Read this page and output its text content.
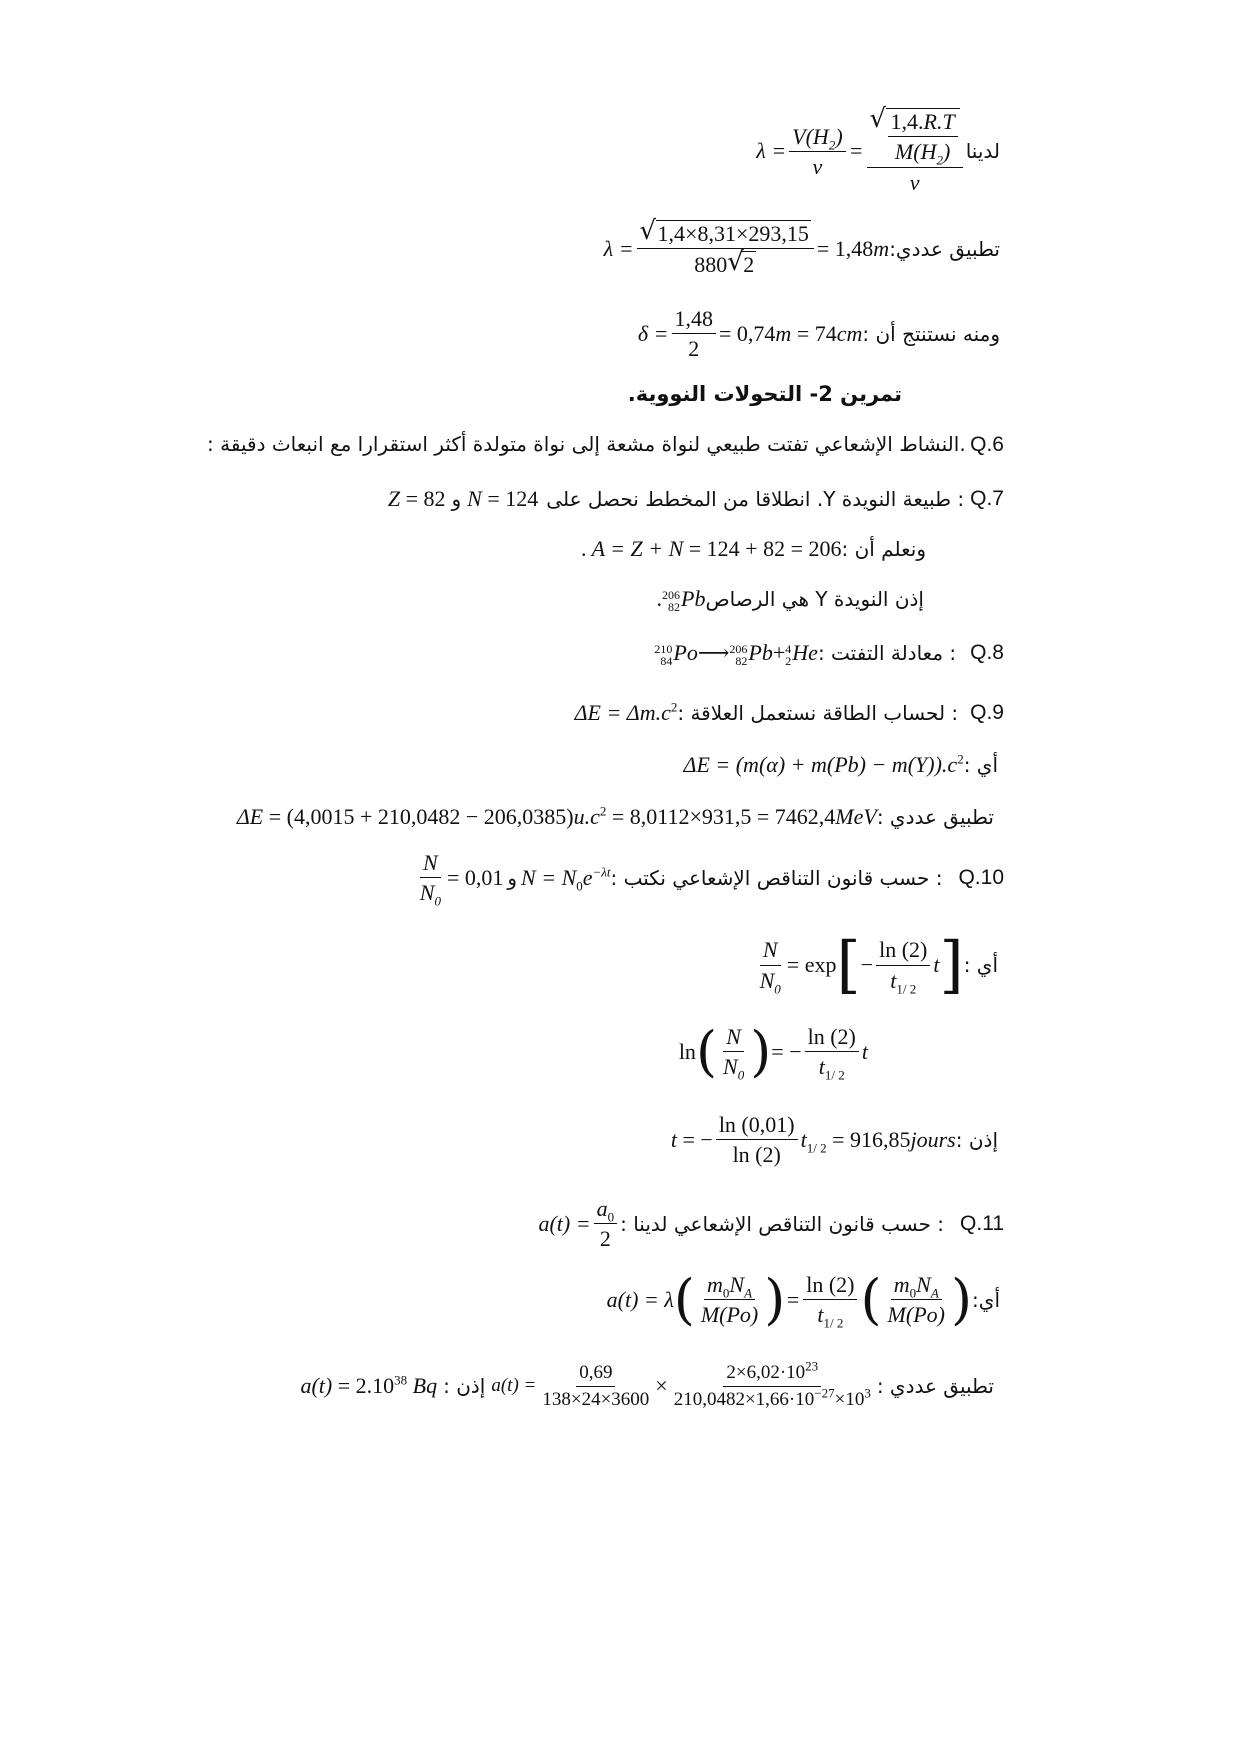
$\lambda = \frac{V(H_2)}{v}$ = √ $\frac{\frac{1,4.R.T}{M(H_2)}}{v}$ لدينا
λ = √ $\frac{1,4\times 8,31\times 293,15}{880 √ 2} = 1,48m$ تطبيق عددي:
$\delta = \frac{1,48}{2} = 0,74m = 74cm$ ومنه نستنتج أن :
تمرين 2- التحولات النووية.
: النشاط الإشعاعي تفتت طبيعي لنواة مشعة إلى نواة متولدة أكثر استقرارا مع انبعاث دقيقة. Q.6
Z = 82 و N = 124 : طبيعة النويدة Y. انطلاقا من المخطط نحصل على Q.7
. A = Z + N = 124 + 82 = 206 ونعلم أن :
. 206
82 Pb إذن النويدة Y هي الرصاص
210
84 Po⟶ 206
82 Pb+ 4
2 He : معادلة التفتت : Q.8
$\Delta E = \Delta m.c^2$ : لحساب الطاقة نستعمل العلاقة : Q.9
$\Delta E = (m(\alpha) + m(Pb) - m(Y)).c^2$ أي :
$\Delta E = (4,0015 + 210,0482 - 206,0385)u.c^2 = 8,0112\times 931,5 = 7462,4MeV$ تطبيق عددي :
$\frac{N}{N_0} = 0,01$ و $N = N_0e^{-\lambda t}$ : حسب قانون التناقص الإشعاعي نكتب : Q.10
$\frac{N}{N_0} = \exp$ [ − $\frac{\ln (2)}{t_{1/ 2}}$ t ] أي :
ln ( $\frac{N}{N_0}$ ) = − $\frac{\ln (2)}{t_{1/ 2}}$ t
t = − $\frac{\ln (0,01)}{\ln (2)} t_{1/ 2}$ = 916,85jours إذن :
$a(t) = \frac{a_0}{2}$ : حسب قانون التناقص الإشعاعي لدينا : Q.11
a(t) = λ ( $\frac{m_0N_A}{M(Po)}$ ) = $\frac{\ln (2)}{t_{1/ 2}}$ ( $\frac{m_0N_A}{M(Po)}$ ) أي:
$a(t) = 2.10^{38}$ Bq إذن : $a(t) = \frac{0,69}{138\times 24\times 3600} \times \frac{2\times 6,02\cdot 10^{23}}{210,0482\times 1,66\cdot 10^{-27}\times 10^3}$ تطبيق عددي :
